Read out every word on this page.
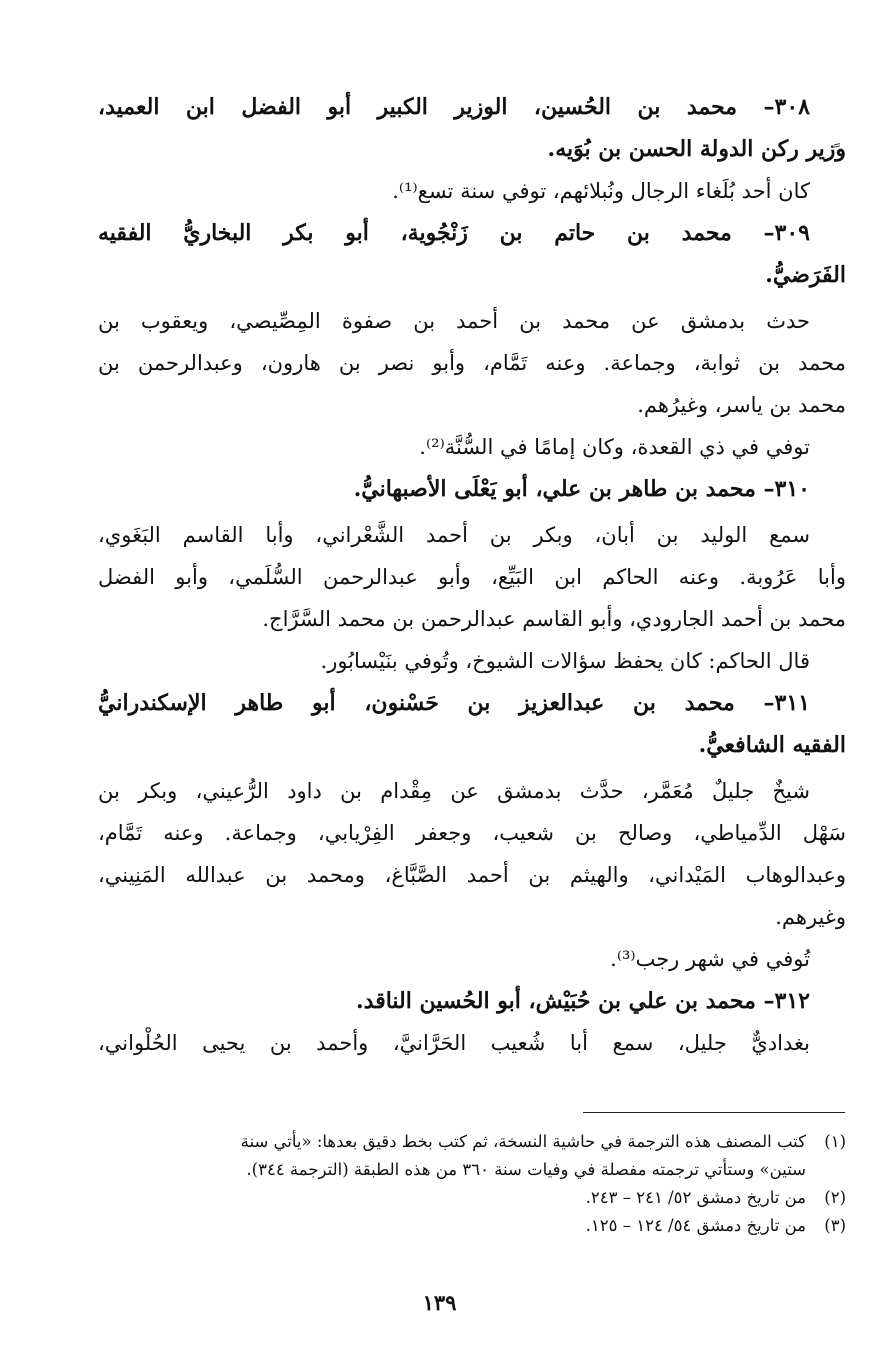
٣٠٨– محمد بن الحُسين، الوزير الكبير أبو الفضل ابن العميد،
وزير ركن الدولة الحسن بن بُوَيه.
كان أحد بُلَغاء الرجال ونُبلائهم، توفي سنة تسع⁽¹⁾.
٣٠٩– محمد بن حاتم بن زَنْجُوية، أبو بكر البخاريُّ الفقيه
الفَرَضيُّ.
حدث بدمشق عن محمد بن أحمد بن صفوة المِصِّيصي، ويعقوب بن
محمد بن ثوابة، وجماعة. وعنه تَمَّام، وأبو نصر بن هارون، وعبدالرحمن بن
محمد بن ياسر، وغيرُهم.
توفي في ذي القعدة، وكان إمامًا في السُّنَّة⁽²⁾.
٣١٠– محمد بن طاهر بن علي، أبو يَعْلَى الأصبهانيُّ.
سمع الوليد بن أبان، وبكر بن أحمد الشَّعْراني، وأبا القاسم البَغَوي،
وأبا عَرُوبة. وعنه الحاكم ابن البَيِّع، وأبو عبدالرحمن السُّلَمي، وأبو الفضل
محمد بن أحمد الجارودي، وأبو القاسم عبدالرحمن بن محمد السَّرَّاج.
قال الحاكم: كان يحفظ سؤالات الشيوخ، وتُوفي بنَيْسابُور.
٣١١– محمد بن عبدالعزيز بن حَسْنون، أبو طاهر الإسكندرانيُّ
الفقيه الشافعيُّ.
شيخٌ جليلٌ مُعَمَّر، حدَّث بدمشق عن مِقْدام بن داود الرُّعيني، وبكر بن
سَهْل الدِّمياطي، وصالح بن شعيب، وجعفر الفِرْيابي، وجماعة. وعنه تَمَّام،
وعبدالوهاب المَيْداني، والهيثم بن أحمد الصَّبَّاغ، ومحمد بن عبدالله المَنِيني،
وغيرهم.
تُوفي في شهر رجب⁽³⁾.
٣١٢– محمد بن علي بن حُبَيْش، أبو الحُسين الناقد.
بغداديٌّ جليل، سمع أبا شُعيب الحَرَّانيَّ، وأحمد بن يحيى الحُلْواني،
(١)
كتب المصنف هذه الترجمة في حاشية النسخة، ثم كتب بخط دقيق بعدها: «يأتي سنة
ستين» وستأتي ترجمته مفصلة في وفيات سنة ٣٦٠ من هذه الطبقة (الترجمة ٣٤٤).
(٢)
من تاريخ دمشق ٥٢/ ٢٤١ – ٢٤٣.
(٣)
من تاريخ دمشق ٥٤/ ١٢٤ – ١٢٥.
١٣٩
